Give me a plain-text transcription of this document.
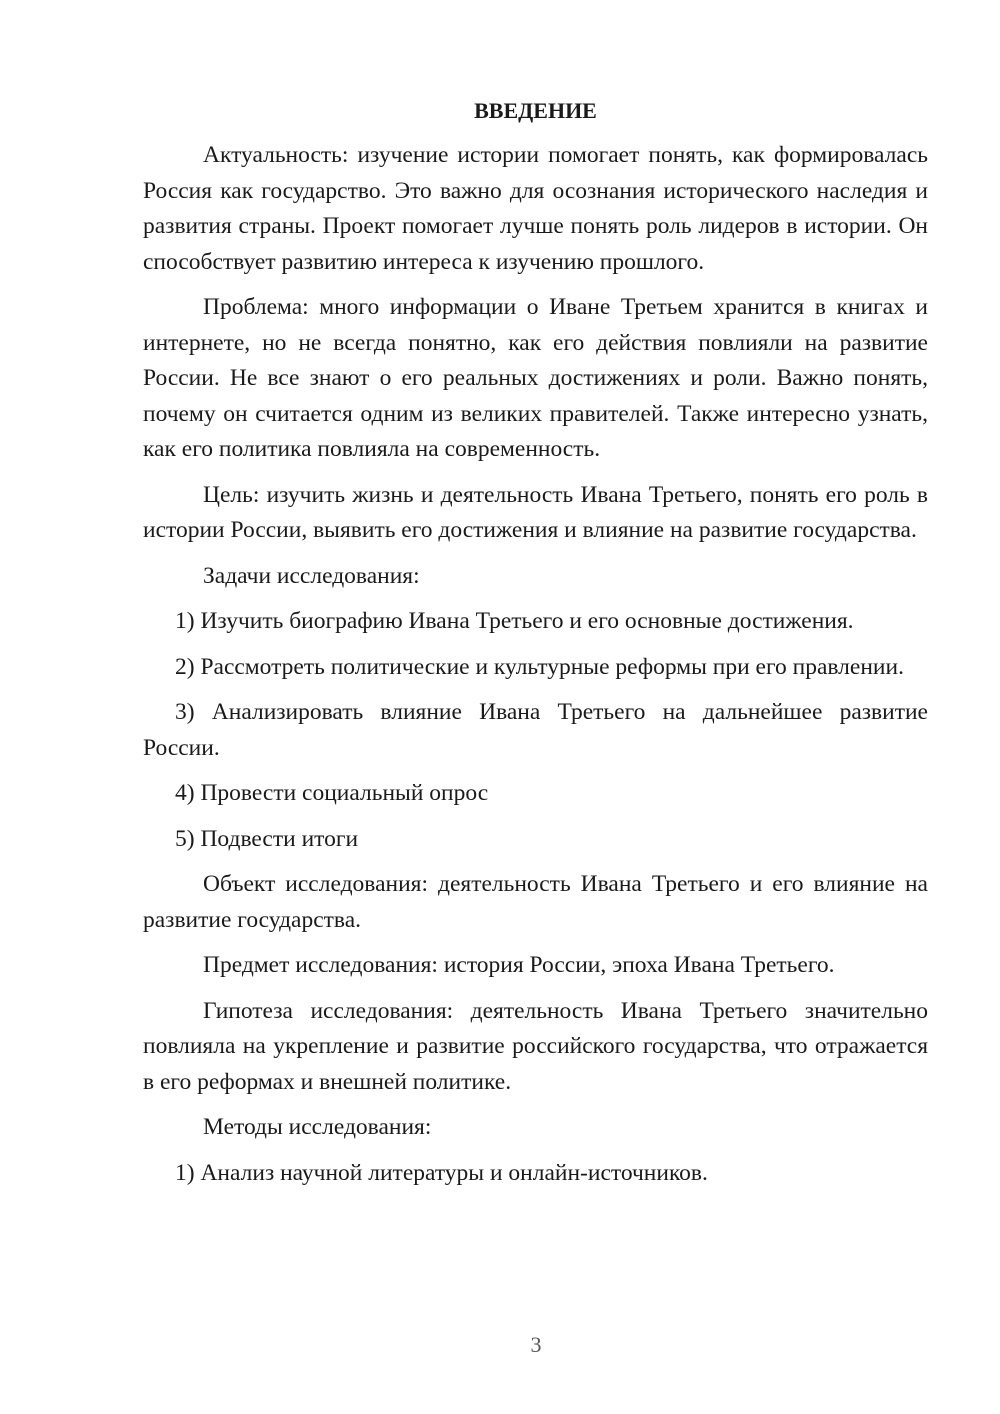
ВВЕДЕНИЕ

Актуальность: изучение истории помогает понять, как формировалась Россия как государство. Это важно для осознания исторического наследия и развития страны. Проект помогает лучше понять роль лидеров в истории. Он способствует развитию интереса к изучению прошлого.

Проблема: много информации о Иване Третьем хранится в книгах и интернете, но не всегда понятно, как его действия повлияли на развитие России. Не все знают о его реальных достижениях и роли. Важно понять, почему он считается одним из великих правителей. Также интересно узнать, как его политика повлияла на современность.

Цель: изучить жизнь и деятельность Ивана Третьего, понять его роль в истории России, выявить его достижения и влияние на развитие государства.

Задачи исследования:

1) Изучить биографию Ивана Третьего и его основные достижения.

2) Рассмотреть политические и культурные реформы при его правлении.

3) Анализировать влияние Ивана Третьего на дальнейшее развитие России.

4) Провести социальный опрос

5) Подвести итоги

Объект исследования: деятельность Ивана Третьего и его влияние на развитие государства.

Предмет исследования: история России, эпоха Ивана Третьего.

Гипотеза исследования: деятельность Ивана Третьего значительно повлияла на укрепление и развитие российского государства, что отражается в его реформах и внешней политике.

Методы исследования:

1) Анализ научной литературы и онлайн-источников.

3
